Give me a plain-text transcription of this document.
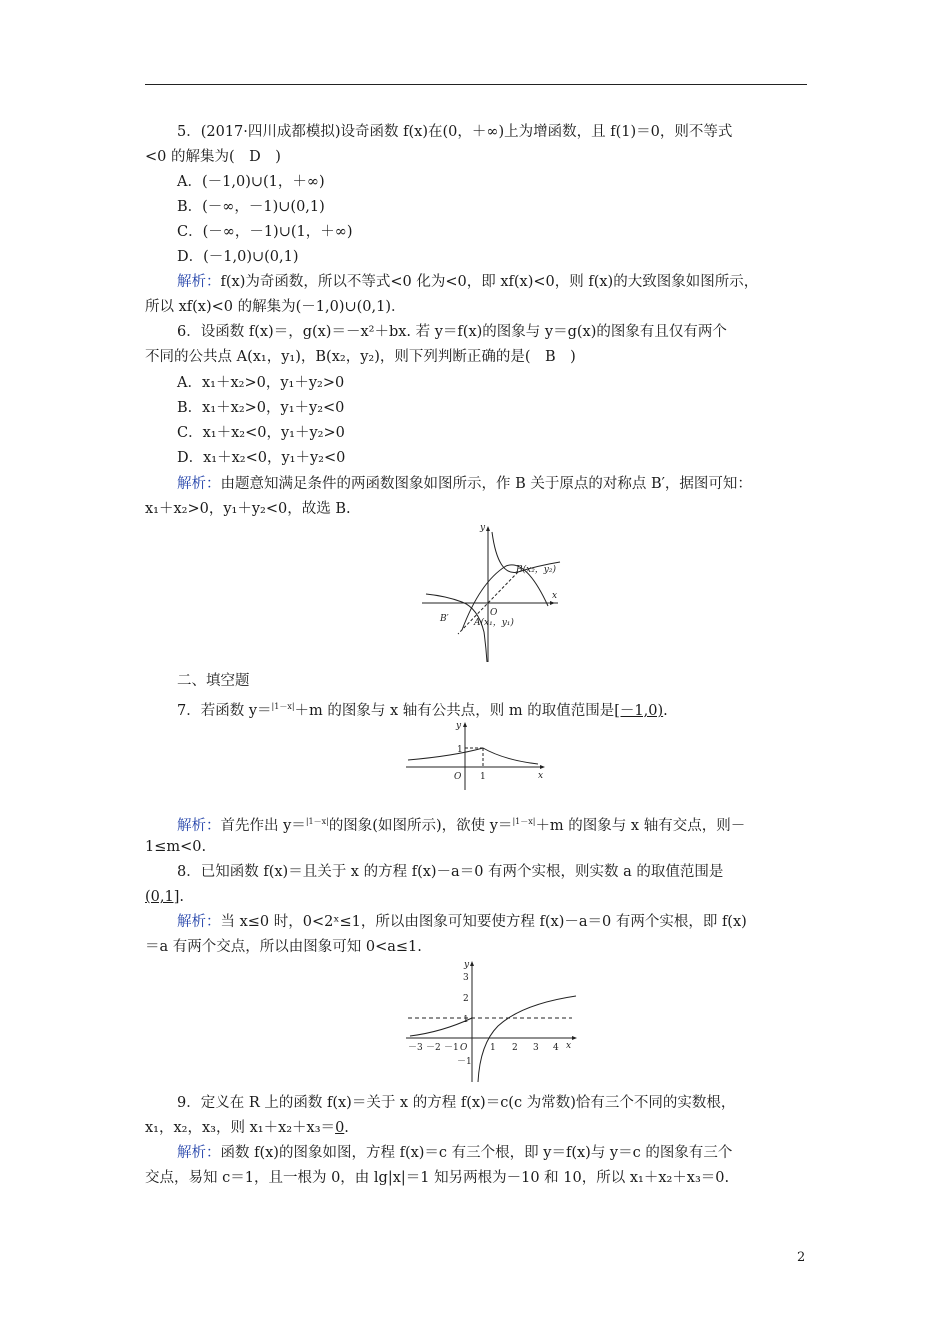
5．(2017·四川成都模拟)设奇函数 f(x)在(0，＋∞)上为增函数，且 f(1)＝0，则不等式
<0 的解集为(　D　)
A．(－1,0)∪(1，＋∞)
B．(－∞，－1)∪(0,1)
C．(－∞，－1)∪(1，＋∞)
D．(－1,0)∪(0,1)
解析：f(x)为奇函数，所以不等式<0 化为<0，即 xf(x)<0，则 f(x)的大致图象如图所示，
所以 xf(x)<0 的解集为(－1,0)∪(0,1)．
6．设函数 f(x)＝，g(x)＝－x²＋bx. 若 y＝f(x)的图象与 y＝g(x)的图象有且仅有两个
不同的公共点 A(x₁，y₁)，B(x₂，y₂)，则下列判断正确的是(　B　)
A．x₁＋x₂>0，y₁＋y₂>0
B．x₁＋x₂>0，y₁＋y₂<0
C．x₁＋x₂<0，y₁＋y₂>0
D．x₁＋x₂<0，y₁＋y₂<0
解析：由题意知满足条件的两函数图象如图所示，作 B 关于原点的对称点 B′，据图可知：
x₁＋x₂>0，y₁＋y₂<0，故选 B.
y
x
O
B(x₂，y₂)
B′	A(x₁，y₁)
二、填空题
7．若函数 y＝$^{|1-x|}$＋m 的图象与 x 轴有公共点，则 m 的取值范围是[－1,0).
y
x
O
1
1
解析：首先作出 y＝$^{|1-x|}$的图象(如图所示)，欲使 y＝$^{|1-x|}$＋m 的图象与 x 轴有交点，则－
1≤m<0.
8．已知函数 f(x)＝且关于 x 的方程 f(x)－a＝0 有两个实根，则实数 a 的取值范围是
(0,1].
解析：当 x≤0 时，0<2ˣ≤1，所以由图象可知要使方程 f(x)－a＝0 有两个实根，即 f(x)
＝a 有两个交点，所以由图象可知 0<a≤1.
y
x
O
3
2
1
－1
－3 －2 －1	1 2 3 4
9．定义在 R 上的函数 f(x)＝关于 x 的方程 f(x)＝c(c 为常数)恰有三个不同的实数根，
x₁，x₂，x₃，则 x₁＋x₂＋x₃＝0.
解析：函数 f(x)的图象如图，方程 f(x)＝c 有三个根，即 y＝f(x)与 y＝c 的图象有三个
交点，易知 c＝1，且一根为 0，由 lg|x|＝1 知另两根为－10 和 10，所以 x₁＋x₂＋x₃＝0.
2
